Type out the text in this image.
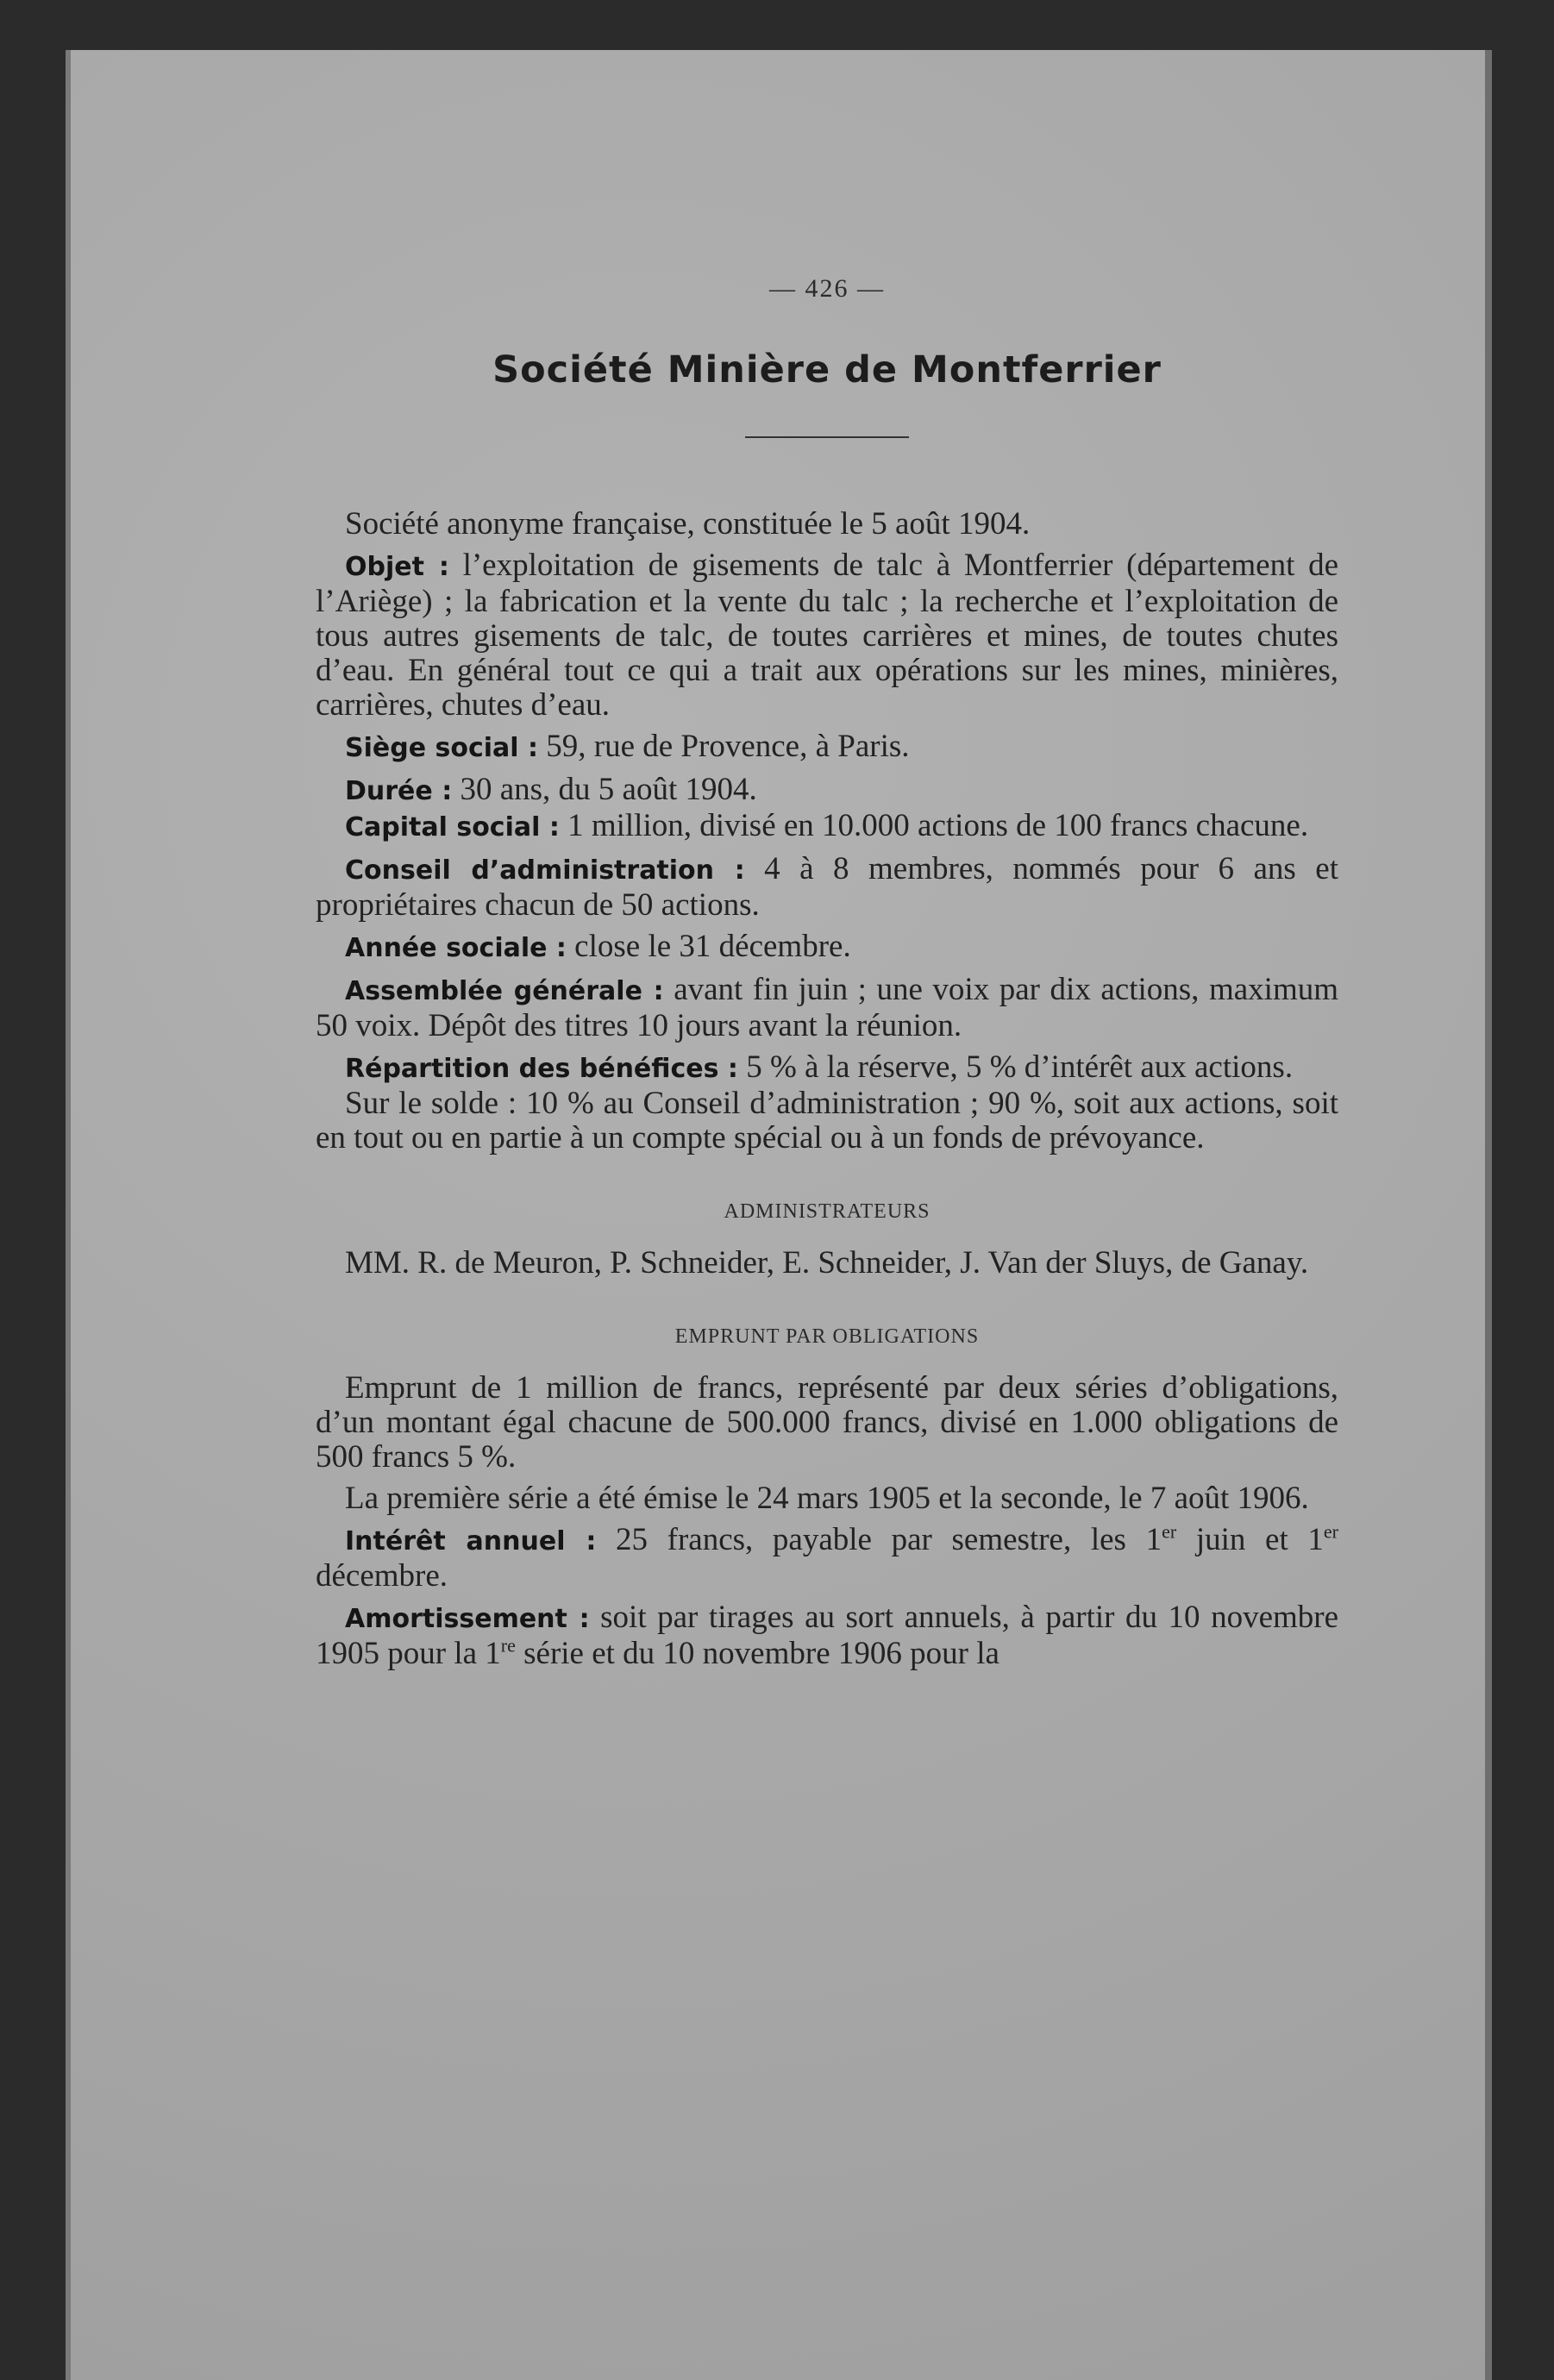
— 426 —
Société Minière de Montferrier

Société anonyme française, constituée le 5 août 1904.

Objet : l’exploitation de gisements de talc à Montferrier (département de l’Ariège) ; la fabrication et la vente du talc ; la recherche et l’exploitation de tous autres gisements de talc, de toutes carrières et mines, de toutes chutes d’eau. En général tout ce qui a trait aux opérations sur les mines, minières, carrières, chutes d’eau.

Siège social : 59, rue de Provence, à Paris.

Durée : 30 ans, du 5 août 1904.

Capital social : 1 million, divisé en 10.000 actions de 100 francs chacune.

Conseil d’administration : 4 à 8 membres, nommés pour 6 ans et propriétaires chacun de 50 actions.

Année sociale : close le 31 décembre.

Assemblée générale : avant fin juin ; une voix par dix actions, maximum 50 voix. Dépôt des titres 10 jours avant la réunion.

Répartition des bénéfices : 5 % à la réserve, 5 % d’intérêt aux actions.

Sur le solde : 10 % au Conseil d’administration ; 90 %, soit aux actions, soit en tout ou en partie à un compte spécial ou à un fonds de prévoyance.

ADMINISTRATEURS

MM. R. de Meuron, P. Schneider, E. Schneider, J. Van der Sluys, de Ganay.

EMPRUNT PAR OBLIGATIONS

Emprunt de 1 million de francs, représenté par deux séries d’obligations, d’un montant égal chacune de 500.000 francs, divisé en 1.000 obligations de 500 francs 5 %.

La première série a été émise le 24 mars 1905 et la seconde, le 7 août 1906.

Intérêt annuel : 25 francs, payable par semestre, les 1er juin et 1er décembre.

Amortissement : soit par tirages au sort annuels, à partir du 10 novembre 1905 pour la 1re série et du 10 novembre 1906 pour la
